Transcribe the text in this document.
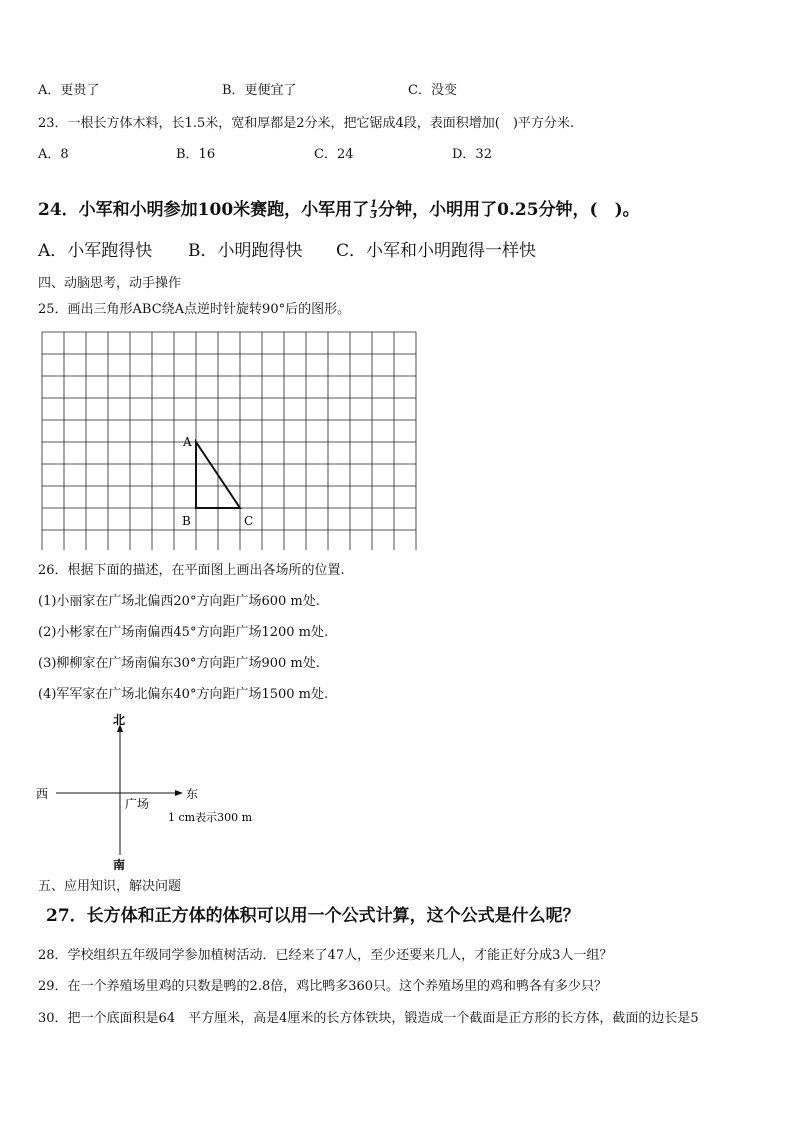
A．更贵了	B．更便宜了	C．没变
23．一根长方体木料，长1.5米，宽和厚都是2分米，把它锯成4段，表面积增加(　)平方分米.
A．8	B．16	C．24	D．32
24．小军和小明参加100米赛跑，小军用了 $\frac{1}{3}$ 分钟，小明用了0.25分钟，(　)。
A．小军跑得快 B．小明跑得快 C．小军和小明跑得一样快
四、动脑思考，动手操作
25．画出三角形ABC绕A点逆时针旋转90°后的图形。
A
B	C
26．根据下面的描述，在平面图上画出各场所的位置.
(1)小丽家在广场北偏西20°方向距广场600 m处.
(2)小彬家在广场南偏西45°方向距广场1200 m处.
(3)柳柳家在广场南偏东30°方向距广场900 m处.
(4)军军家在广场北偏东40°方向距广场1500 m处.
北
南
西	东
广场
1 cm表示300 m
五、应用知识，解决问题
27．长方体和正方体的体积可以用一个公式计算，这个公式是什么呢？
28．学校组织五年级同学参加植树活动．已经来了47人，至少还要来几人，才能正好分成3人一组？
29．在一个养殖场里鸡的只数是鸭的2.8倍，鸡比鸭多360只。这个养殖场里的鸡和鸭各有多少只？
30．把一个底面积是64　平方厘米，高是4厘米的长方体铁块，锻造成一个截面是正方形的长方体，截面的边长是5
